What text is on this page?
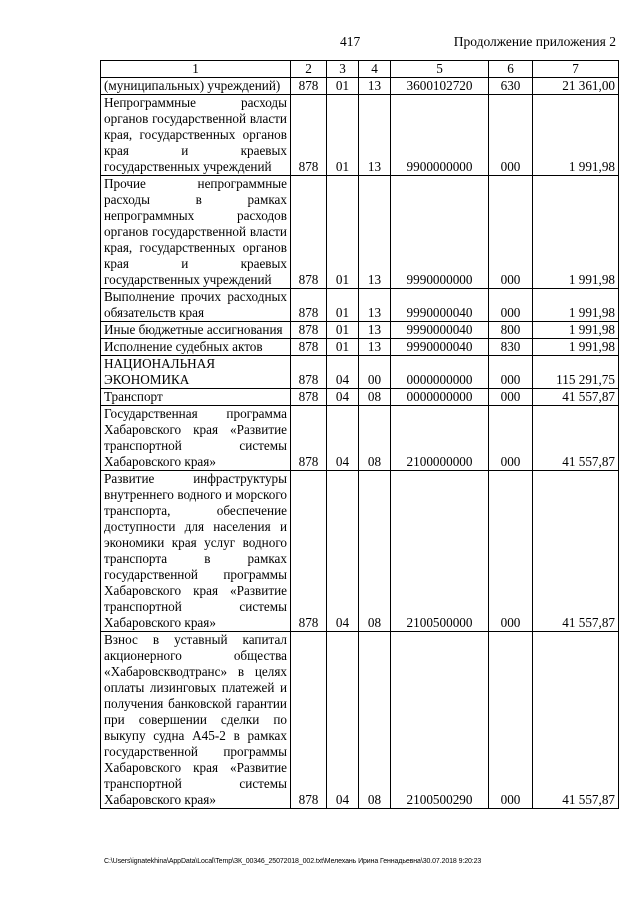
417	Продолжение приложения 2
1	2	3	4	5	6	7
(муниципальных) учреждений)	878	01	13	3600102720	630	21 361,00
Непрограммные расходы органов государственной власти края, государственных органов края и краевых государственных учреждений	878	01	13	9900000000	000	1 991,98
Прочие непрограммные расходы в рамках непрограммных расходов органов государственной власти края, государственных органов края и краевых государственных учреждений	878	01	13	9990000000	000	1 991,98
Выполнение прочих расходных обязательств края	878	01	13	9990000040	000	1 991,98
Иные бюджетные ассигнования	878	01	13	9990000040	800	1 991,98
Исполнение судебных актов	878	01	13	9990000040	830	1 991,98
НАЦИОНАЛЬНАЯ ЭКОНОМИКА	878	04	00	0000000000	000	115 291,75
Транспорт	878	04	08	0000000000	000	41 557,87
Государственная программа Хабаровского края «Развитие транспортной системы Хабаровского края»	878	04	08	2100000000	000	41 557,87
Развитие инфраструктуры внутреннего водного и морского транспорта, обеспечение доступности для населения и экономики края услуг водного транспорта в рамках государственной программы Хабаровского края «Развитие транспортной системы Хабаровского края»	878	04	08	2100500000	000	41 557,87
Взнос в уставный капитал акционерного общества «Хабаровскводтранс» в целях оплаты лизинговых платежей и получения банковской гарантии при совершении сделки по выкупу судна А45-2 в рамках государственной программы Хабаровского края «Развитие транспортной системы Хабаровского края»	878	04	08	2100500290	000	41 557,87
C:\Users\ignatekhina\AppData\Local\Temp\ЗК_00346_25072018_002.txt\Мелехань Ирина Геннадьевна\30.07.2018 9:20:23
